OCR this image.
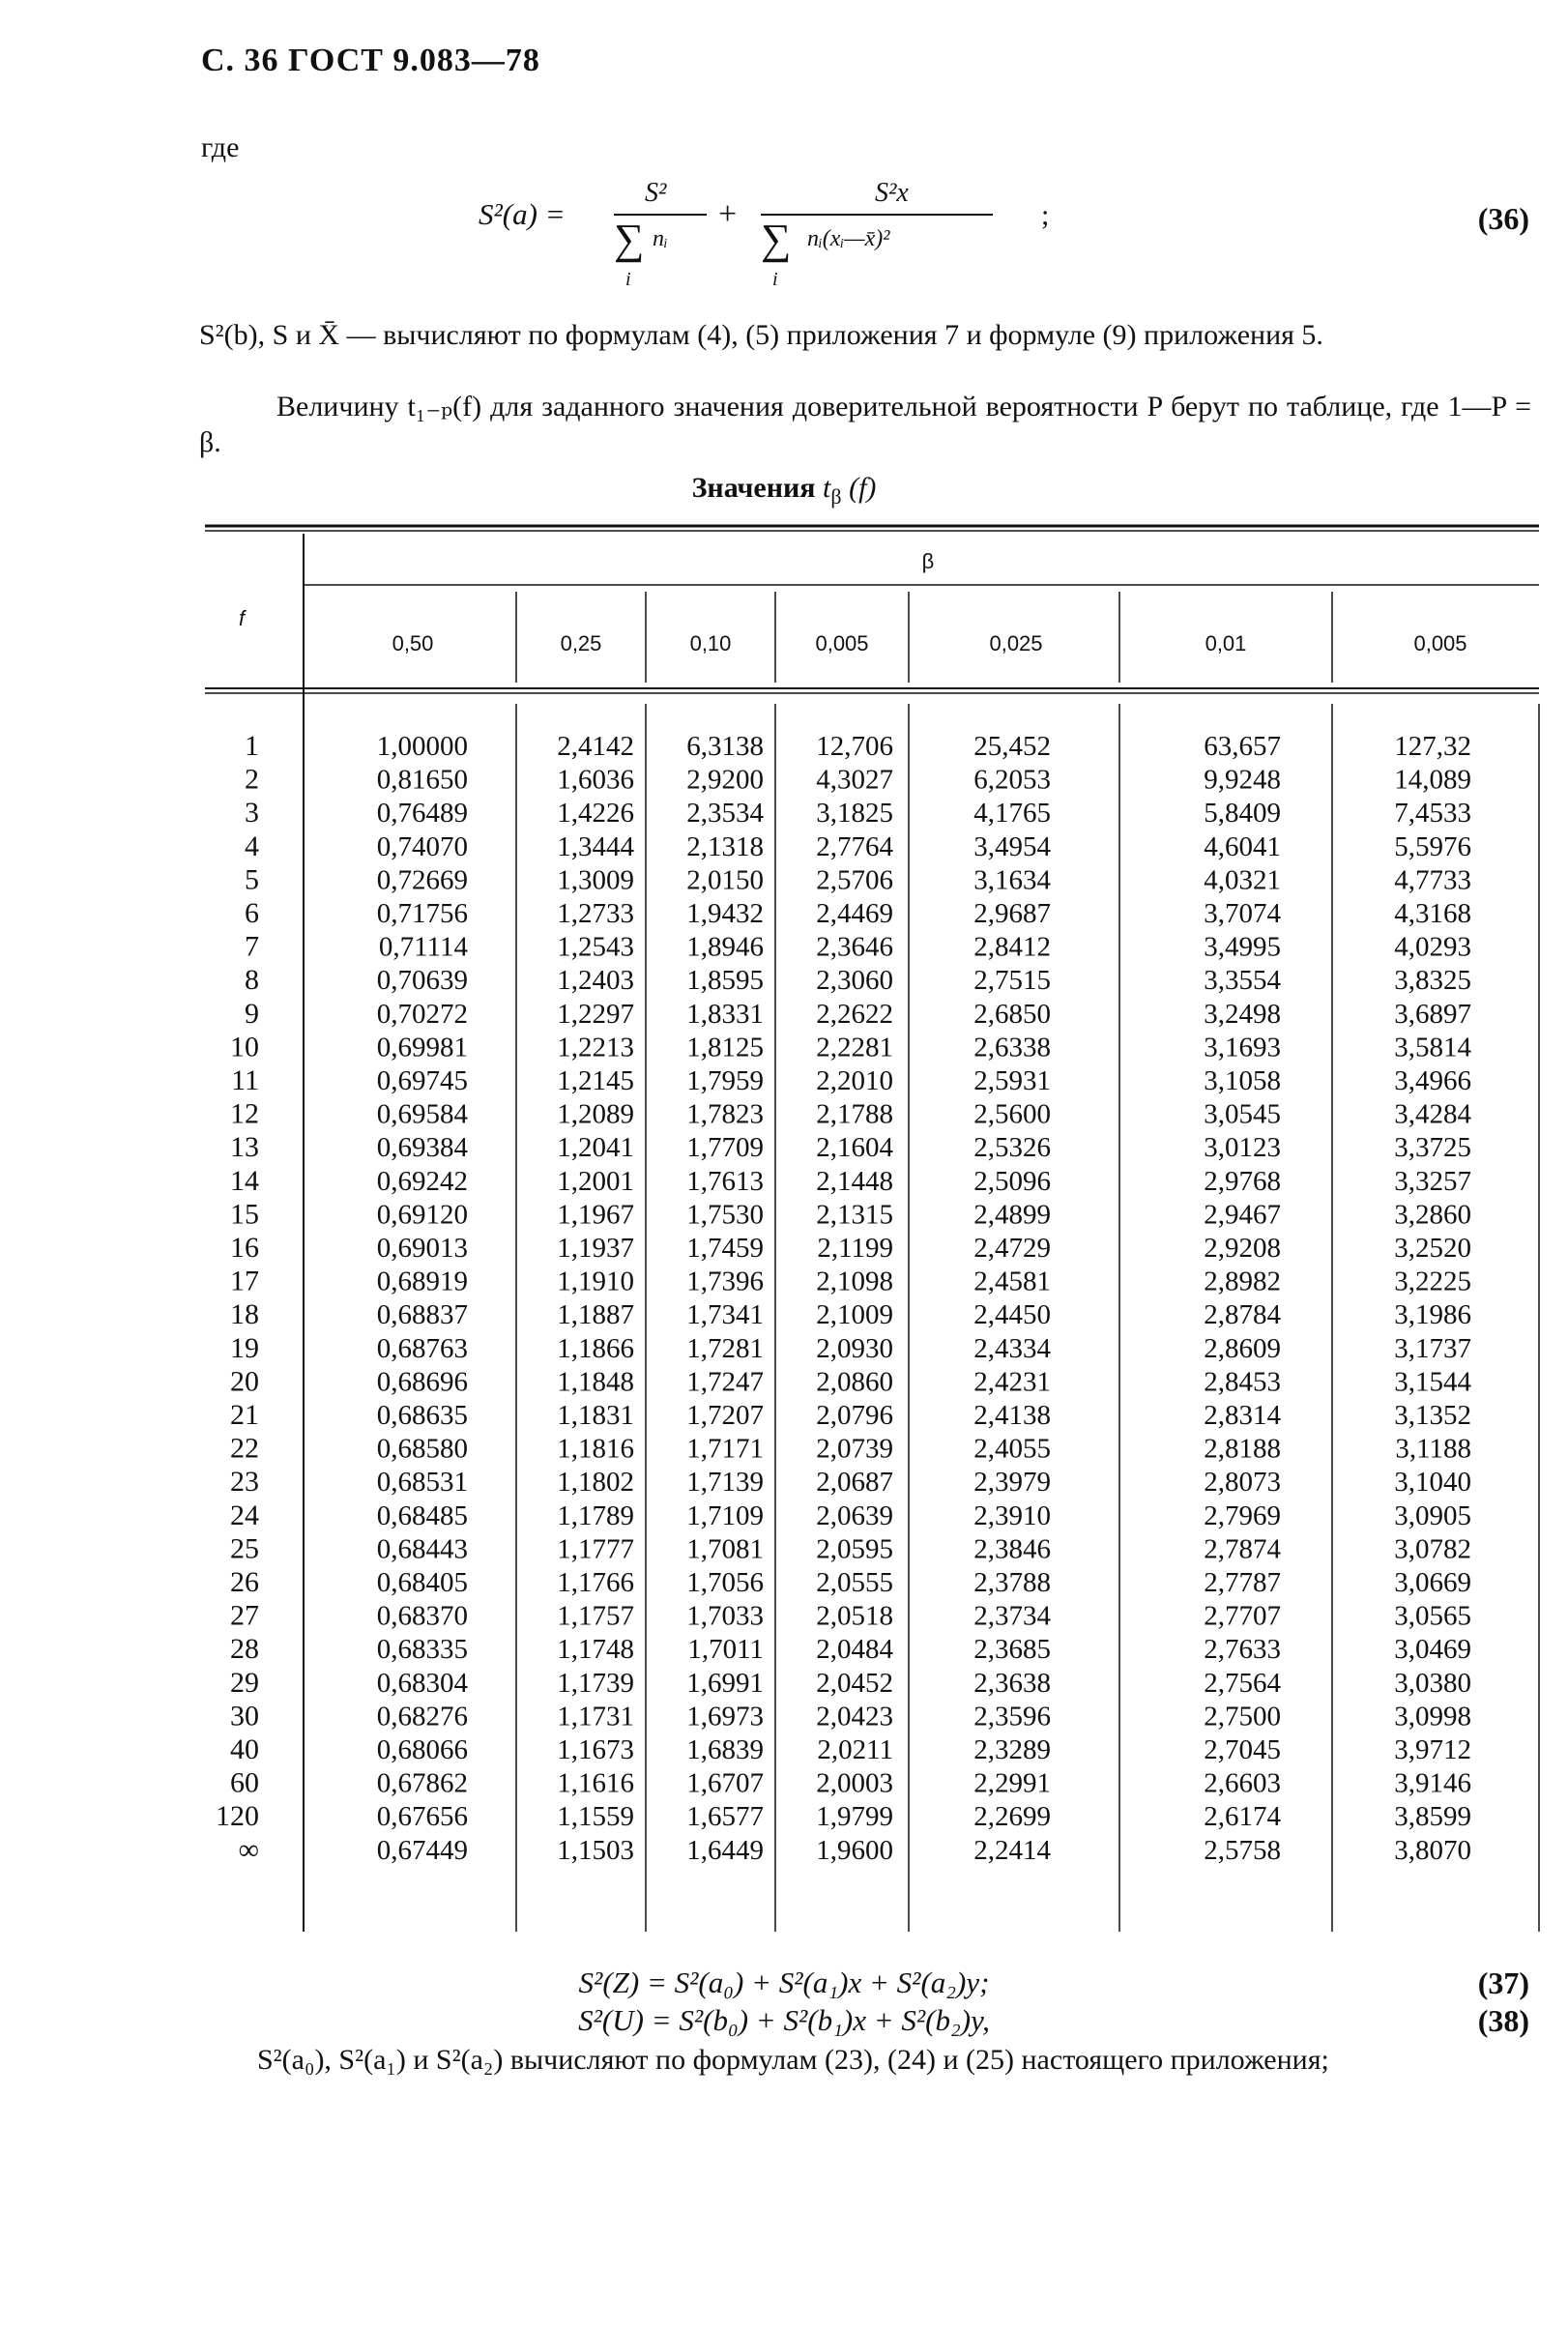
С. 36 ГОСТ 9.083—78
где
S²(a) =
S²
∑ nᵢ
i
+
S²x
∑ nᵢ(xᵢ—x̄)²
i
;	(36)
S²(b), S и X̄ — вычисляют по формулам (4), (5) приложения 7 и формуле (9) приложения 5.
Величину t₁₋ₚ(f) для заданного значения доверительной вероятности P берут по таблице, где 1—P = β.
Значения $t_\beta$ (f)
f
β
0,50	0,25	0,10	0,005	0,025	0,01	0,005
1	1,00000	2,4142 6,3138 12,706	25,452	63,657	127,32
2	0,81650	1,6036 2,9200 4,3027	6,2053	9,9248	14,089
3	0,76489	1,4226 2,3534 3,1825	4,1765	5,8409	7,4533
4	0,74070	1,3444 2,1318 2,7764	3,4954	4,6041	5,5976
5	0,72669	1,3009 2,0150 2,5706	3,1634	4,0321	4,7733
6	0,71756	1,2733 1,9432 2,4469	2,9687	3,7074	4,3168
7	0,71114	1,2543 1,8946 2,3646	2,8412	3,4995	4,0293
8	0,70639	1,2403 1,8595 2,3060	2,7515	3,3554	3,8325
9	0,70272	1,2297 1,8331 2,2622	2,6850	3,2498	3,6897
10	0,69981	1,2213 1,8125 2,2281	2,6338	3,1693	3,5814
11	0,69745	1,2145 1,7959 2,2010	2,5931	3,1058	3,4966
12	0,69584	1,2089 1,7823 2,1788	2,5600	3,0545	3,4284
13	0,69384	1,2041 1,7709 2,1604	2,5326	3,0123	3,3725
14	0,69242	1,2001 1,7613 2,1448	2,5096	2,9768	3,3257
15	0,69120	1,1967 1,7530 2,1315	2,4899	2,9467	3,2860
16	0,69013	1,1937 1,7459 2,1199	2,4729	2,9208	3,2520
17	0,68919	1,1910 1,7396 2,1098	2,4581	2,8982	3,2225
18	0,68837	1,1887 1,7341 2,1009	2,4450	2,8784	3,1986
19	0,68763	1,1866 1,7281 2,0930	2,4334	2,8609	3,1737
20	0,68696	1,1848 1,7247 2,0860	2,4231	2,8453	3,1544
21	0,68635	1,1831 1,7207 2,0796	2,4138	2,8314	3,1352
22	0,68580	1,1816 1,7171 2,0739	2,4055	2,8188	3,1188
23	0,68531	1,1802 1,7139 2,0687	2,3979	2,8073	3,1040
24	0,68485	1,1789 1,7109 2,0639	2,3910	2,7969	3,0905
25	0,68443	1,1777 1,7081 2,0595	2,3846	2,7874	3,0782
26	0,68405	1,1766 1,7056 2,0555	2,3788	2,7787	3,0669
27	0,68370	1,1757 1,7033 2,0518	2,3734	2,7707	3,0565
28	0,68335	1,1748 1,7011 2,0484	2,3685	2,7633	3,0469
29	0,68304	1,1739 1,6991 2,0452	2,3638	2,7564	3,0380
30	0,68276	1,1731 1,6973 2,0423	2,3596	2,7500	3,0998
40	0,68066	1,1673 1,6839 2,0211	2,3289	2,7045	3,9712
60	0,67862	1,1616 1,6707 2,0003	2,2991	2,6603	3,9146
120	0,67656	1,1559 1,6577 1,9799	2,2699	2,6174	3,8599
∞	0,67449	1,1503 1,6449 1,9600	2,2414	2,5758	3,8070
S²(Z) = S²(a₀) + S²(a₁)x + S²(a₂)y;	(37)
S²(U) = S²(b₀) + S²(b₁)x + S²(b₂)y,	(38)
S²(a₀), S²(a₁) и S²(a₂) вычисляют по формулам (23), (24) и (25) настоящего приложения;
